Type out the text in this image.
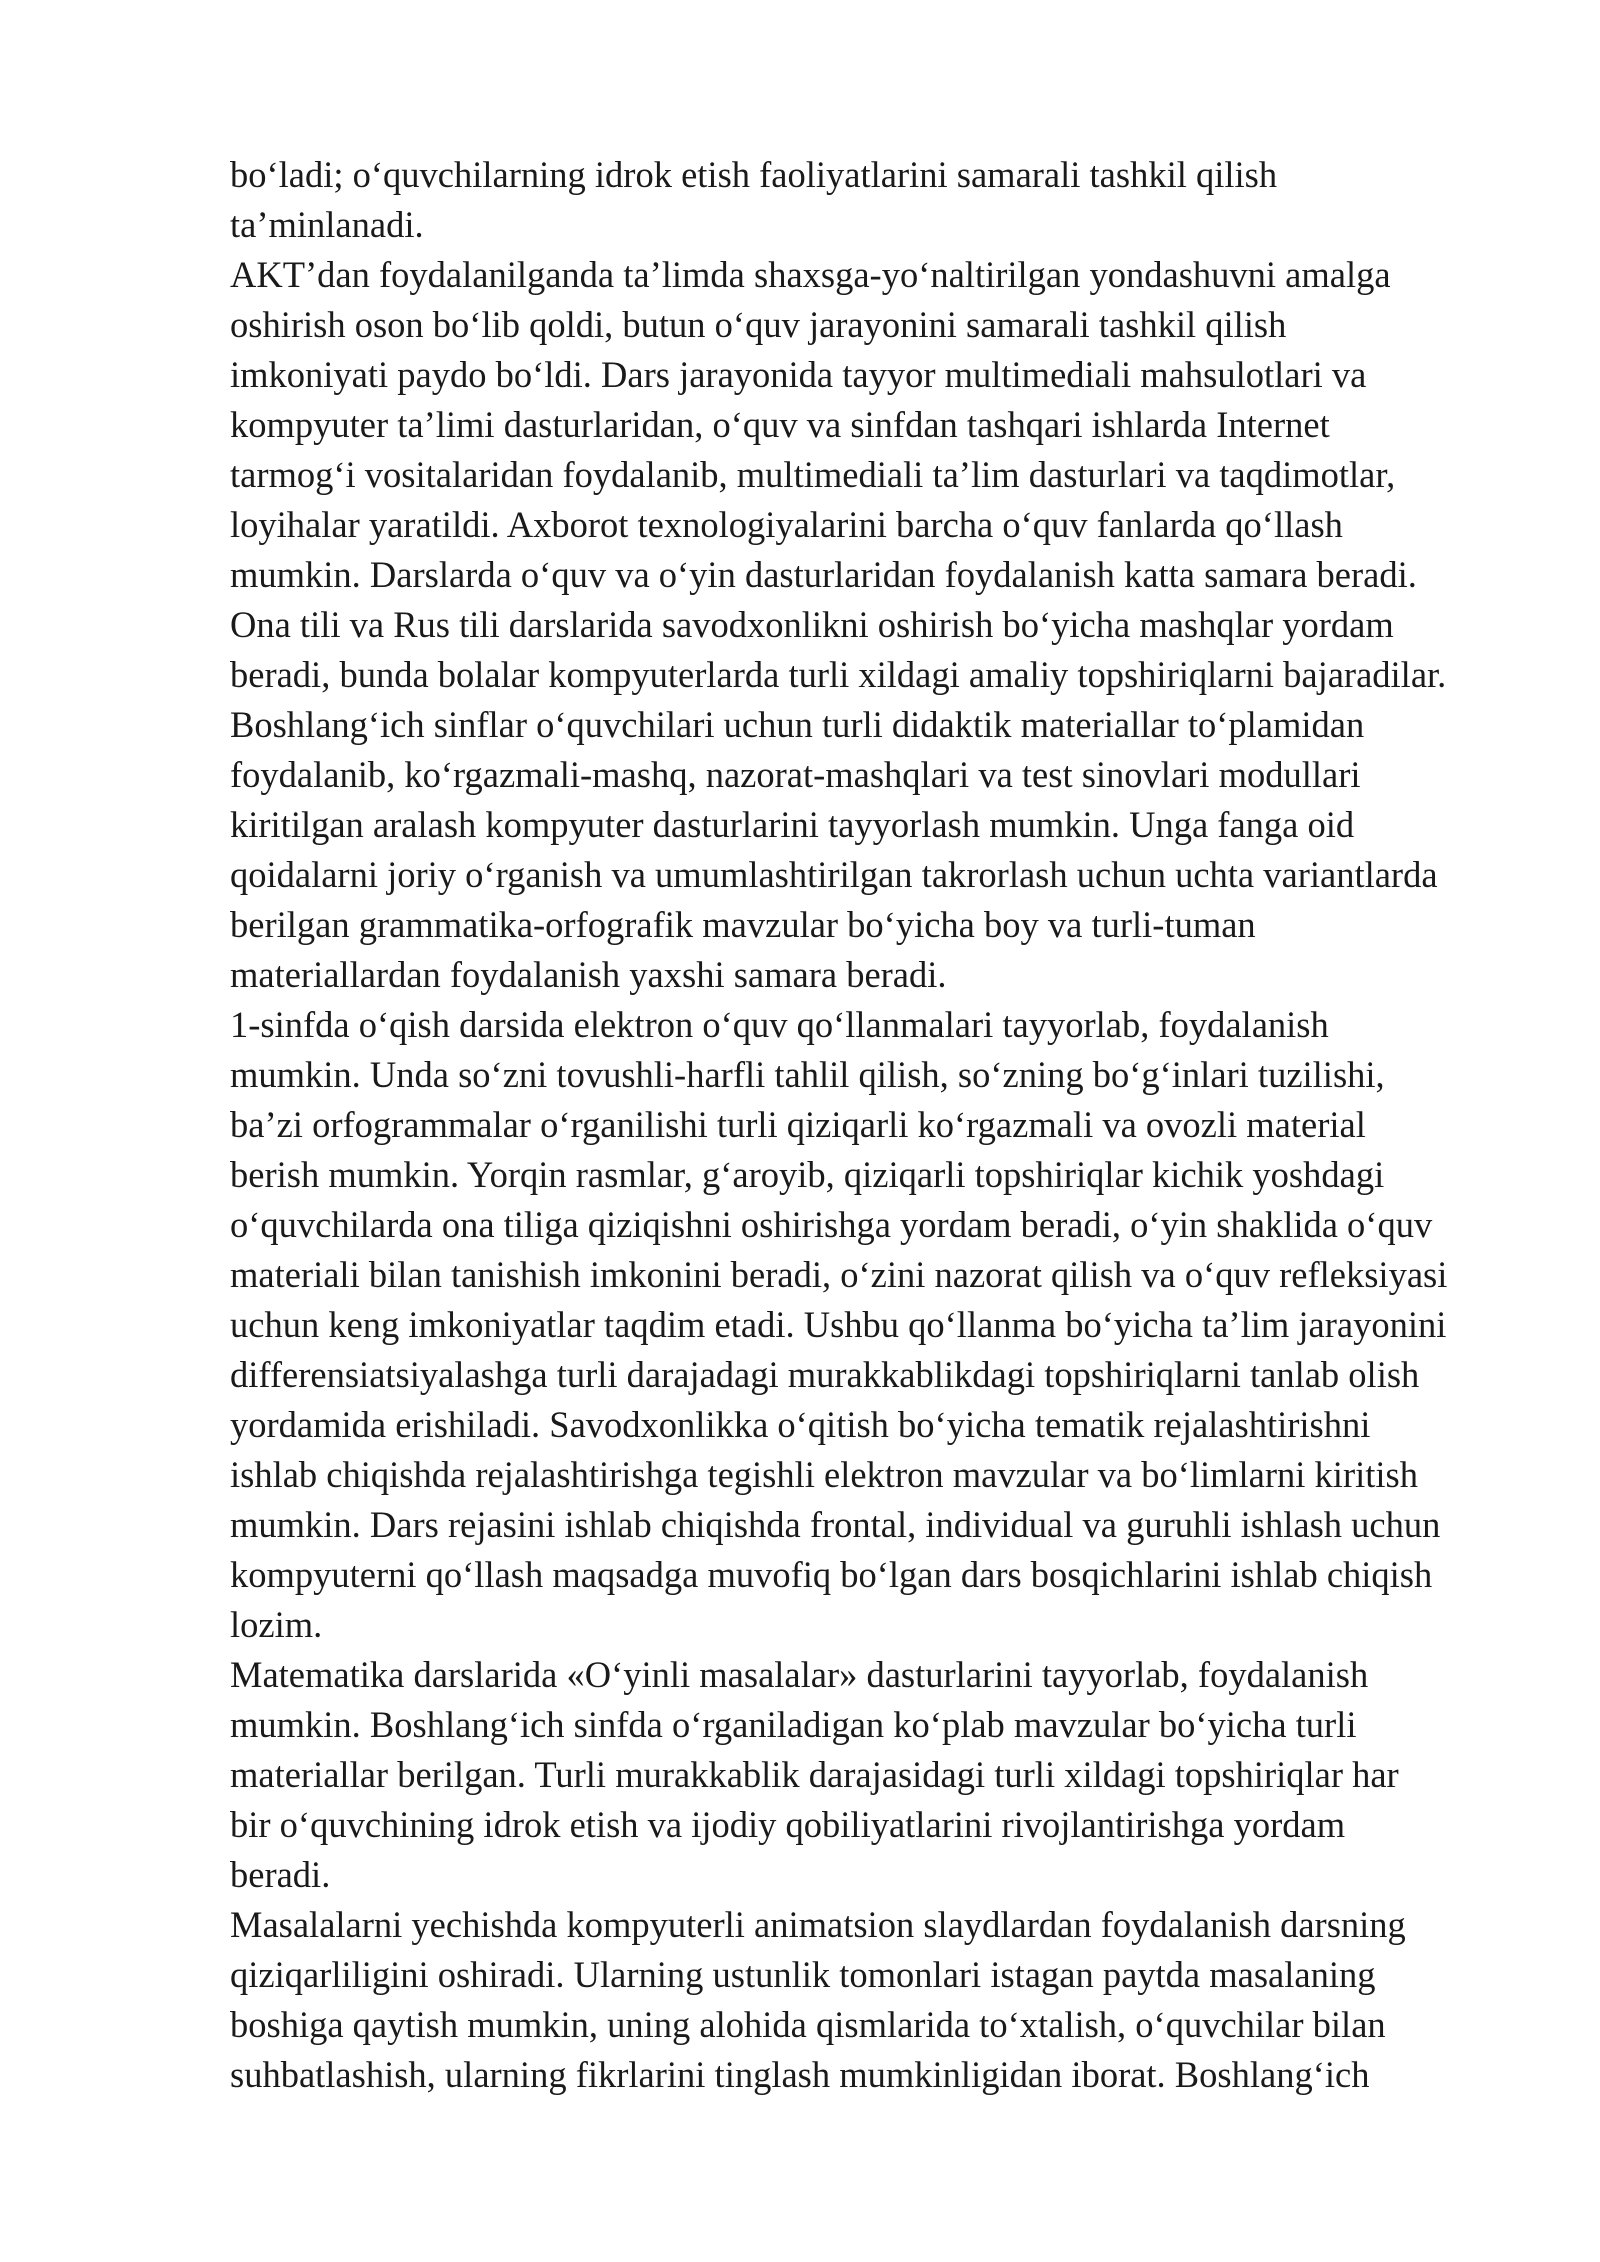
bo‘ladi; o‘quvchilarning idrok etish faoliyatlarini samarali tashkil qilish
ta’minlanadi.
AKT’dan foydalanilganda ta’limda shaxsga-yo‘naltirilgan yondashuvni amalga
oshirish oson bo‘lib qoldi, butun o‘quv jarayonini samarali tashkil qilish
imkoniyati paydo bo‘ldi. Dars jarayonida tayyor multimediali mahsulotlari va
kompyuter ta’limi dasturlaridan, o‘quv va sinfdan tashqari ishlarda Internet
tarmog‘i vositalaridan foydalanib, multimediali ta’lim dasturlari va taqdimotlar,
loyihalar yaratildi. Axborot texnologiyalarini barcha o‘quv fanlarda qo‘llash
mumkin. Darslarda o‘quv va o‘yin dasturlaridan foydalanish katta samara beradi.
Ona tili va Rus tili darslarida savodxonlikni oshirish bo‘yicha mashqlar yordam
beradi, bunda bolalar kompyuterlarda turli xildagi amaliy topshiriqlarni bajaradilar.
Boshlang‘ich sinflar o‘quvchilari uchun turli didaktik materiallar to‘plamidan
foydalanib, ko‘rgazmali-mashq, nazorat-mashqlari va test sinovlari modullari
kiritilgan aralash kompyuter dasturlarini tayyorlash mumkin. Unga fanga oid
qoidalarni joriy o‘rganish va umumlashtirilgan takrorlash uchun uchta variantlarda
berilgan grammatika-orfografik mavzular bo‘yicha boy va turli-tuman
materiallardan foydalanish yaxshi samara beradi.
1-sinfda o‘qish darsida elektron o‘quv qo‘llanmalari tayyorlab, foydalanish
mumkin. Unda so‘zni tovushli-harfli tahlil qilish, so‘zning bo‘g‘inlari tuzilishi,
ba’zi orfogrammalar o‘rganilishi turli qiziqarli ko‘rgazmali va ovozli material
berish mumkin. Yorqin rasmlar, g‘aroyib, qiziqarli topshiriqlar kichik yoshdagi
o‘quvchilarda ona tiliga qiziqishni oshirishga yordam beradi, o‘yin shaklida o‘quv
materiali bilan tanishish imkonini beradi, o‘zini nazorat qilish va o‘quv refleksiyasi
uchun keng imkoniyatlar taqdim etadi. Ushbu qo‘llanma bo‘yicha ta’lim jarayonini
differensiatsiyalashga turli darajadagi murakkablikdagi topshiriqlarni tanlab olish
yordamida erishiladi. Savodxonlikka o‘qitish bo‘yicha tematik rejalashtirishni
ishlab chiqishda rejalashtirishga tegishli elektron mavzular va bo‘limlarni kiritish
mumkin. Dars rejasini ishlab chiqishda frontal, individual va guruhli ishlash uchun
kompyuterni qo‘llash maqsadga muvofiq bo‘lgan dars bosqichlarini ishlab chiqish
lozim.
Matematika darslarida «O‘yinli masalalar» dasturlarini tayyorlab, foydalanish
mumkin. Boshlang‘ich sinfda o‘rganiladigan ko‘plab mavzular bo‘yicha turli
materiallar berilgan. Turli murakkablik darajasidagi turli xildagi topshiriqlar har
bir o‘quvchining idrok etish va ijodiy qobiliyatlarini rivojlantirishga yordam
beradi.
Masalalarni yechishda kompyuterli animatsion slaydlardan foydalanish darsning
qiziqarliligini oshiradi. Ularning ustunlik tomonlari istagan paytda masalaning
boshiga qaytish mumkin, uning alohida qismlarida to‘xtalish, o‘quvchilar bilan
suhbatlashish, ularning fikrlarini tinglash mumkinligidan iborat. Boshlang‘ich
